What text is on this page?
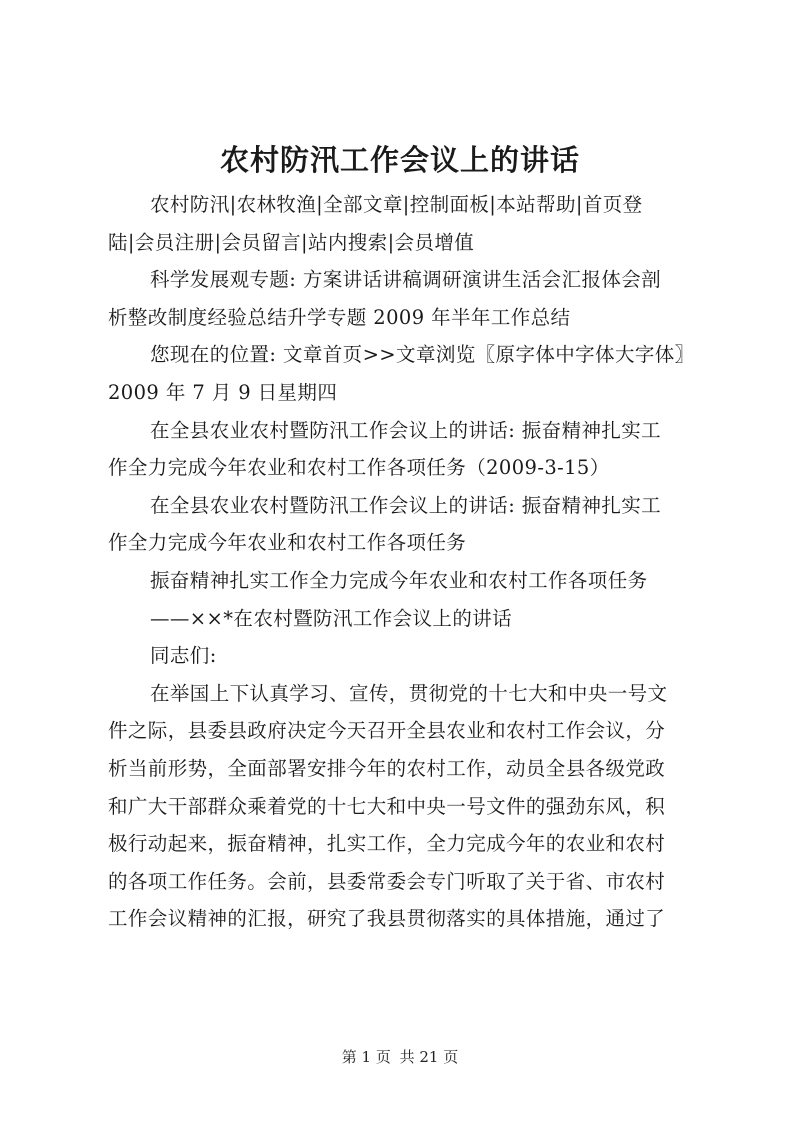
农村防汛工作会议上的讲话
农村防汛|农林牧渔|全部文章|控制面板|本站帮助|首页登
陆|会员注册|会员留言|站内搜索|会员增值
科学发展观专题: 方案讲话讲稿调研演讲生活会汇报体会剖
析整改制度经验总结升学专题 2009 年半年工作总结
您现在的位置: 文章首页>>文章浏览〖原字体中字体大字体〗
2009 年 7 月 9 日星期四
在全县农业农村暨防汛工作会议上的讲话: 振奋精神扎实工
作全力完成今年农业和农村工作各项任务（2009-3-15）
在全县农业农村暨防汛工作会议上的讲话: 振奋精神扎实工
作全力完成今年农业和农村工作各项任务
振奋精神扎实工作全力完成今年农业和农村工作各项任务
——××*在农村暨防汛工作会议上的讲话
同志们:
在举国上下认真学习、宣传，贯彻党的十七大和中央一号文
件之际，县委县政府决定今天召开全县农业和农村工作会议，分
析当前形势，全面部署安排今年的农村工作，动员全县各级党政
和广大干部群众乘着党的十七大和中央一号文件的强劲东风，积
极行动起来，振奋精神，扎实工作，全力完成今年的农业和农村
的各项工作任务。会前，县委常委会专门听取了关于省、市农村
工作会议精神的汇报，研究了我县贯彻落实的具体措施，通过了
第 1 页 共 21 页
